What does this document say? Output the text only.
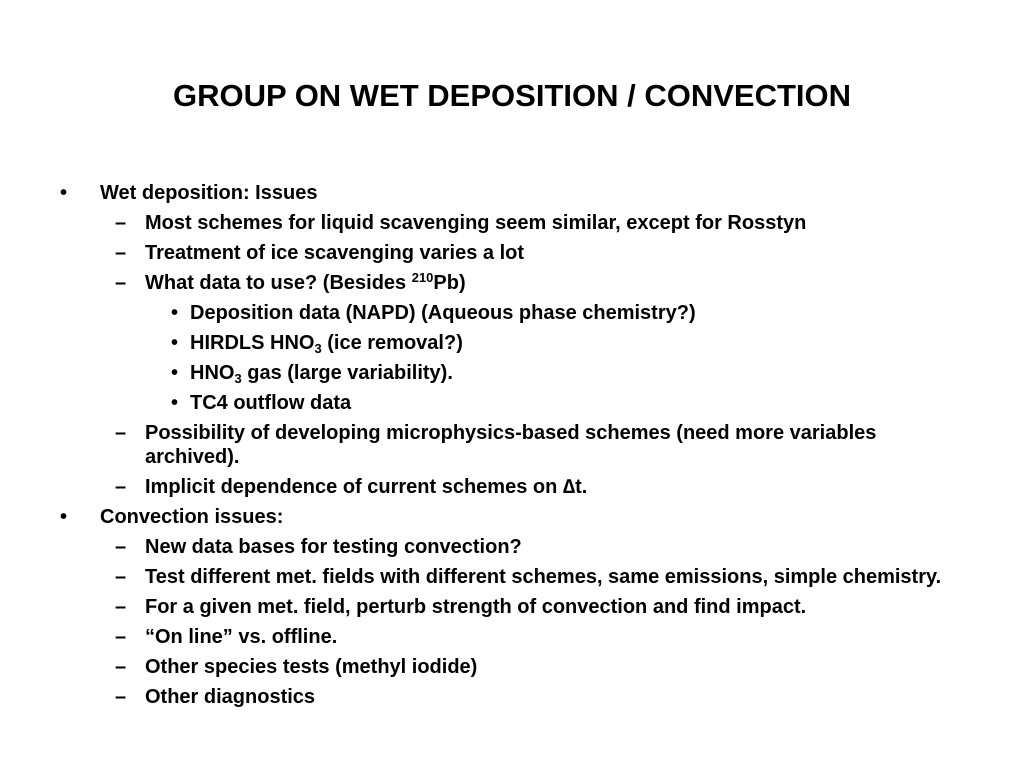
GROUP ON WET DEPOSITION / CONVECTION
• Wet deposition: Issues
– Most schemes for liquid scavenging seem similar, except for Rosstyn
– Treatment of ice scavenging varies a lot
– What data to use? (Besides $^{210}$Pb)
• Deposition data (NAPD) (Aqueous phase chemistry?)
• HIRDLS $HNO_3$ (ice removal?)
• $HNO_3$ gas (large variability).
• TC4 outflow data
– Possibility of developing microphysics-based schemes (need more variables archived).
– Implicit dependence of current schemes on ∆t.
• Convection issues:
– New data bases for testing convection?
– Test different met. fields with different schemes, same emissions, simple chemistry.
– For a given met. field, perturb strength of convection and find impact.
– “On line” vs. offline.
– Other species tests (methyl iodide)
– Other diagnostics
